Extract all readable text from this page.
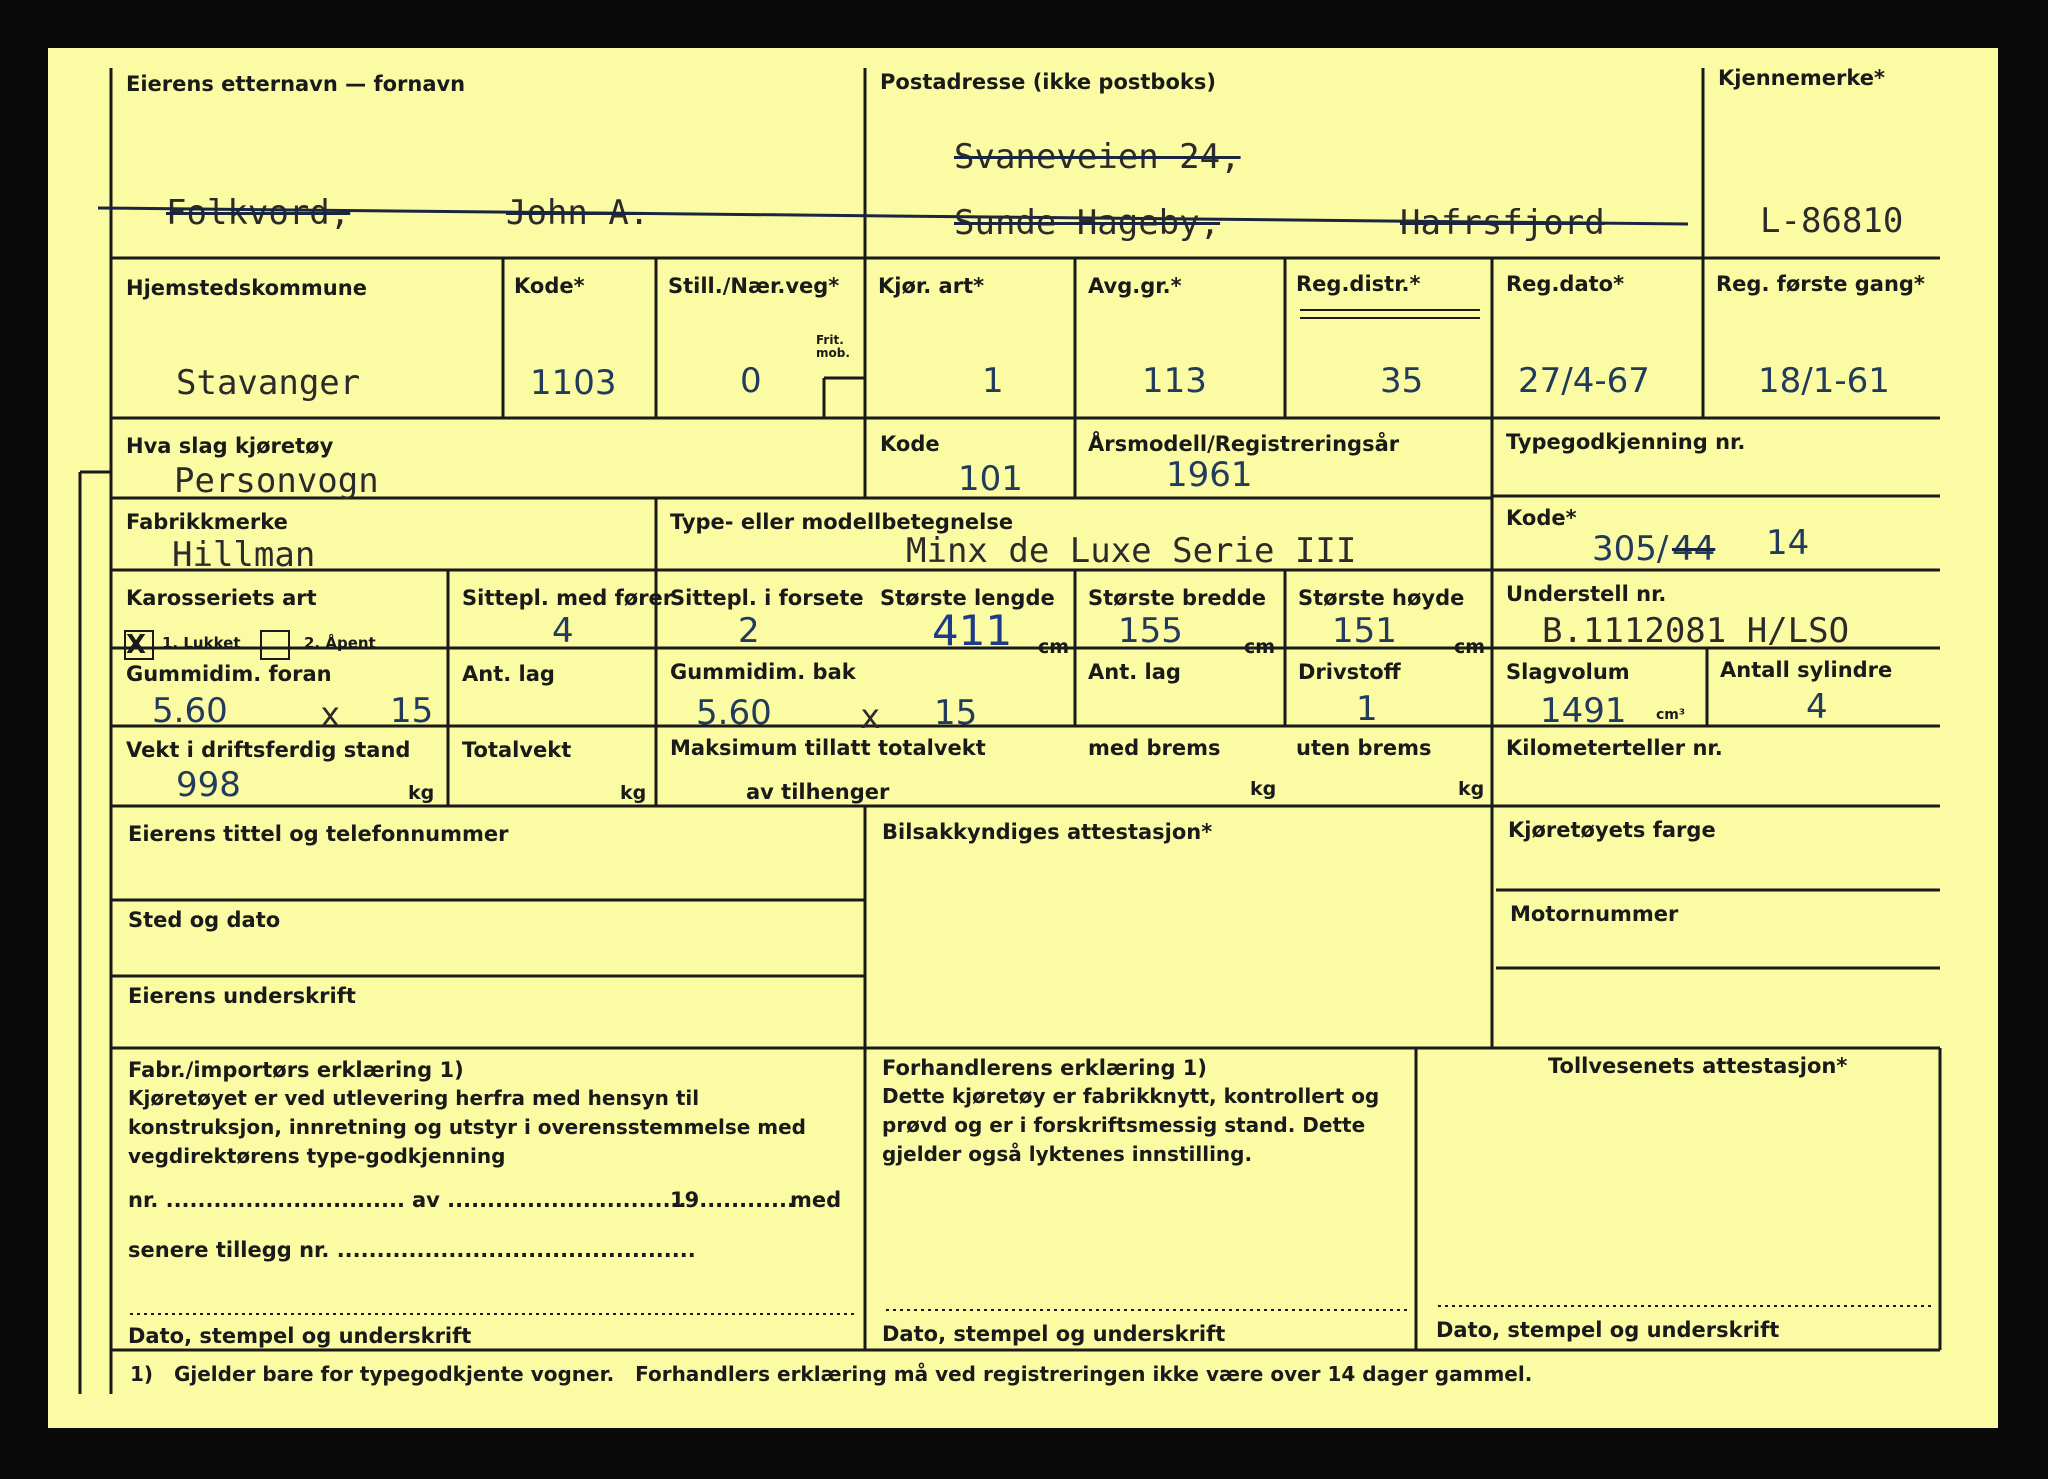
Eierens etternavn — fornavn
Folkvord,
Postadresse (ikke postboks)
Svaneveien 24,
Sunde Hageby,	Hafrsfjord
Kjennemerke*
L-86810
Hjemstedskommune
Stavanger
Kode*
1103
Still./Nær.veg*
0
Frit. mob.
Kjør. art*
1
Avg.gr.*
113
Reg.distr.*
35
Reg.dato*
27/4-67
Reg. første gang*
18/1-61
Hva slag kjøretøy
Personvogn
Kode
101
Årsmodell/Registreringsår
1961
Typegodkjenning nr.
Fabrikkmerke
Hillman
Type- eller modellbetegnelse
Minx de Luxe Serie III
Kode*
305/ 44 14
Karosseriets art
X 1. Lukket	2. Åpent
Sittepl. med fører
4
Sittepl. i forsete
2
Største lengde
411 cm
Største bredde
155	cm
Største høyde
151	cm
Understell nr.
B.1112081 H/LSO
Gummidim. foran
5.60	x 15
Ant. lag	Gummidim. bak
5.60	x 15
Ant. lag	Drivstoff
1
Slagvolum
1491 cm³
Antall sylindre
4
Vekt i driftsferdig stand
998	kg
Totalvekt
kg
Maksimum tillatt totalvekt
av tilhenger
med brems
kg
uten brems
kg
Kilometerteller nr.
Eierens tittel og telefonnummer
Sted og dato
Eierens underskrift
Bilsakkyndiges attestasjon*	Kjøretøyets farge
Motornummer
Fabr./importørs erklæring 1)
Kjøretøyet er ved utlevering herfra med hensyn til konstruksjon, innretning og utstyr i overensstemmelse med vegdirektørens type-godkjenning
nr. .............................. av ..............................
19............
med
senere tillegg nr. .............................................
Dato, stempel og underskrift
Forhandlerens erklæring 1)
Dette kjøretøy er fabrikknytt, kontrollert og prøvd og er i forskriftsmessig stand. Dette gjelder også lyktenes innstilling.
Dato, stempel og underskrift
Tollvesenets attestasjon*
Dato, stempel og underskrift
1)   Gjelder bare for typegodkjente vogner.   Forhandlers erklæring må ved registreringen ikke være over 14 dager gammel.
